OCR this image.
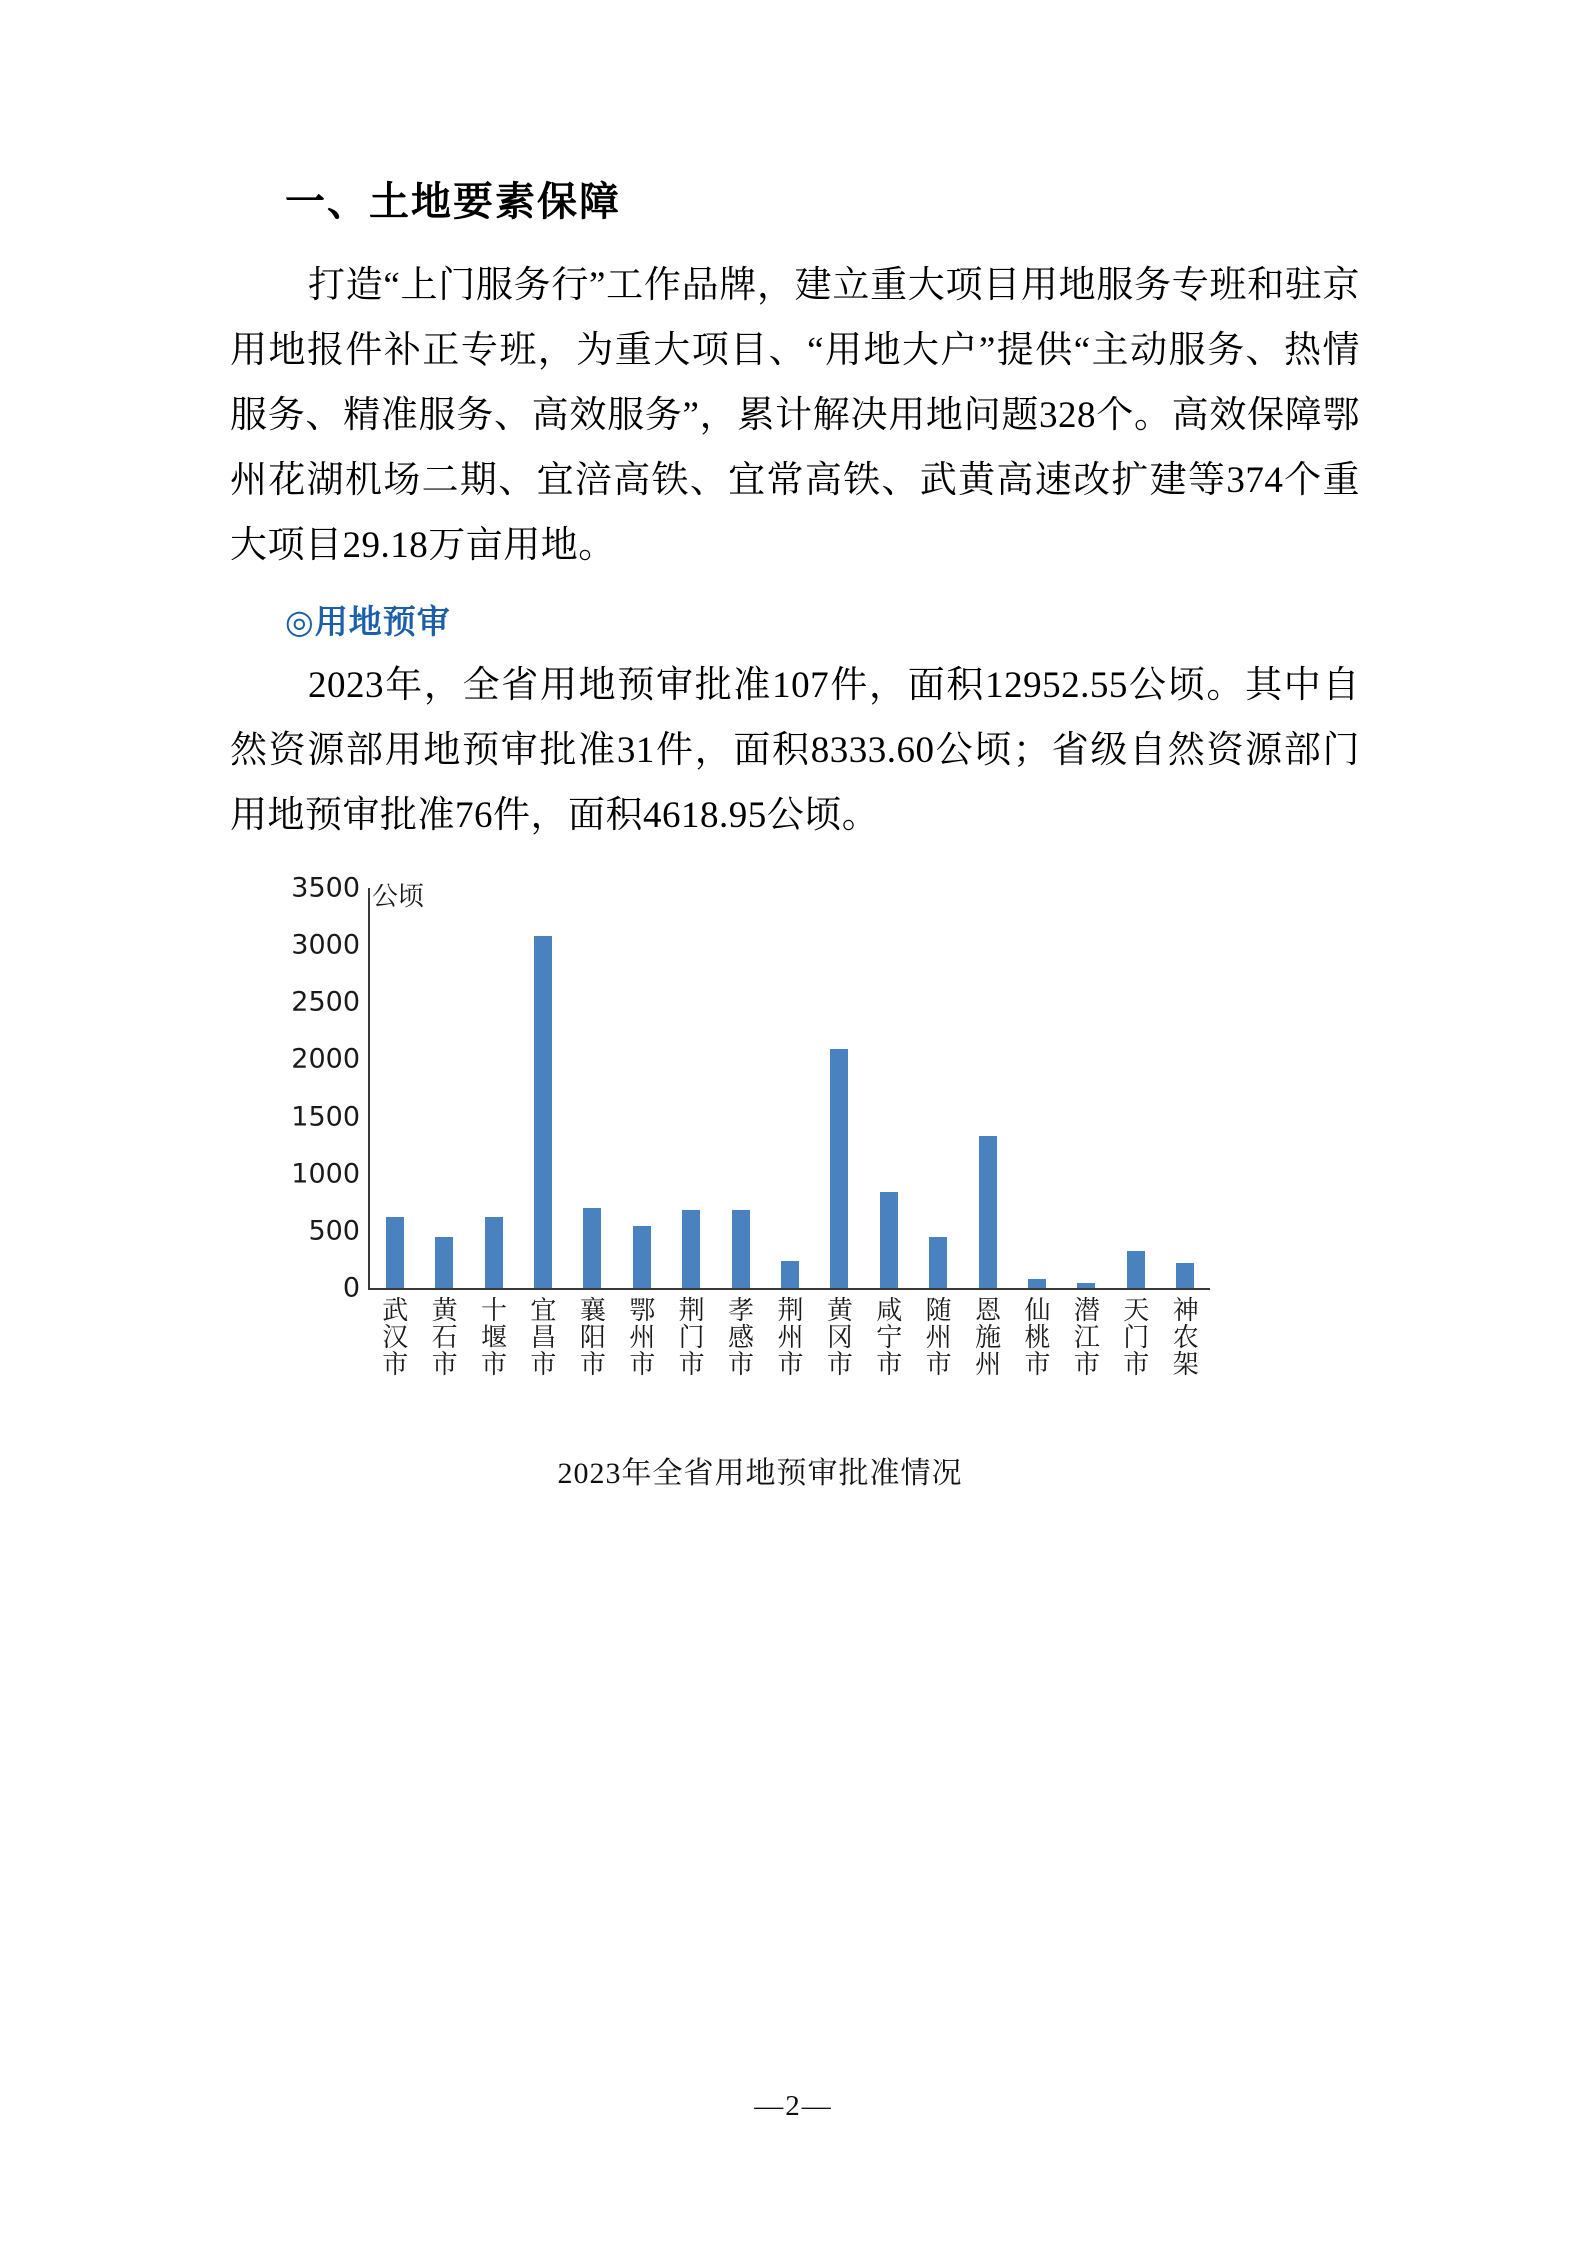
一、土地要素保障

打造“上门服务行”工作品牌，建立重大项目用地服务专班和驻京用地报件补正专班，为重大项目、“用地大户”提供“主动服务、热情服务、精准服务、高效服务”，累计解决用地问题328个。高效保障鄂州花湖机场二期、宜涪高铁、宜常高铁、武黄高速改扩建等374个重大项目29.18万亩用地。

◎用地预审

2023年，全省用地预审批准107件，面积12952.55公顷。其中自然资源部用地预审批准31件，面积8333.60公顷；省级自然资源部门用地预审批准76件，面积4618.95公顷。

公顷
0
500
1000
1500
2000
2500
3000
3500
武汉市 黄石市 十堰市 宜昌市 襄阳市 鄂州市 荆门市 孝感市 荆州市 黄冈市 咸宁市 随州市 恩施州 仙桃市 潜江市 天门市 神农架
2023年全省用地预审批准情况
—2—
